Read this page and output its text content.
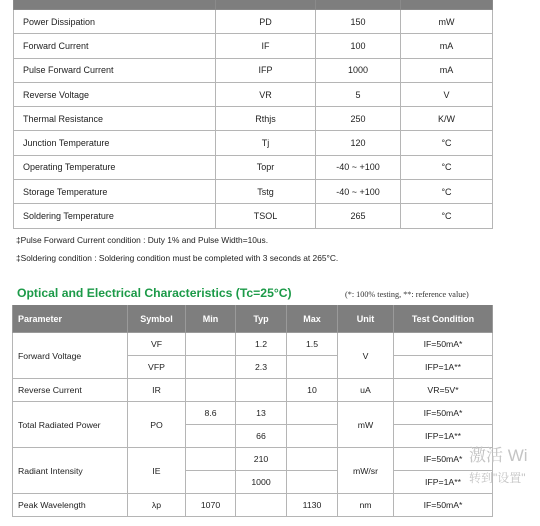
Power Dissipation	PD	150	mW
Forward Current	IF	100	mA
Pulse Forward Current	IFP	1000	mA
Reverse Voltage	VR	5	V
Thermal Resistance	Rthjs	250	K/W
Junction Temperature	Tj	120	°C
Operating Temperature	Topr	-40 ~ +100	°C
Storage Temperature	Tstg	-40 ~ +100	°C
Soldering Temperature	TSOL	265	°C
‡Pulse Forward Current condition : Duty 1% and Pulse Width=10us.
‡Soldering condition : Soldering condition must be completed with 3 seconds at 265°C.
Optical and Electrical Characteristics (Tc=25°C)	(*: 100% testing, **: reference value)
Parameter	Symbol	Min	Typ	Max	Unit	Test Condition
Forward Voltage	VF		1.2	1.5	V	IF=50mA*
	VFP		2.3			IFP=1A**
Reverse Current	IR			10	uA	VR=5V*
Total Radiated Power	PO	8.6	13		mW	IF=50mA*
			66			IFP=1A**
Radiant Intensity	IE		210		mW/sr	IF=50mA*
			1000			IFP=1A**
Peak Wavelength	λp	1070		1130	nm	IF=50mA*
激活 Wi
转到"设置"
